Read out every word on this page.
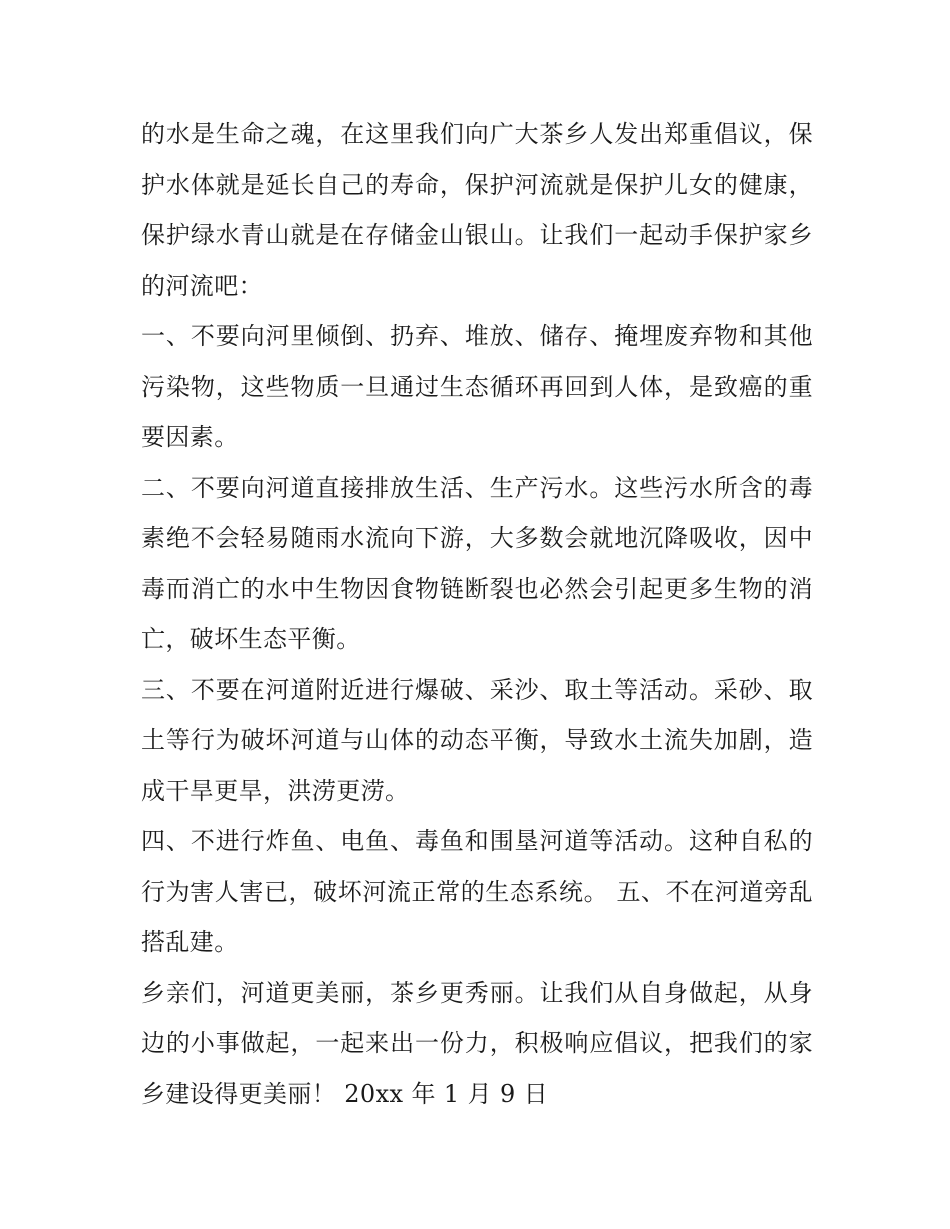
的水是生命之魂，在这里我们向广大茶乡人发出郑重倡议，保护水体就是延长自己的寿命，保护河流就是保护儿女的健康，保护绿水青山就是在存储金山银山。让我们一起动手保护家乡的河流吧：

一、不要向河里倾倒、扔弃、堆放、储存、掩埋废弃物和其他污染物，这些物质一旦通过生态循环再回到人体，是致癌的重要因素。

二、不要向河道直接排放生活、生产污水。这些污水所含的毒素绝不会轻易随雨水流向下游，大多数会就地沉降吸收，因中毒而消亡的水中生物因食物链断裂也必然会引起更多生物的消亡，破坏生态平衡。

三、不要在河道附近进行爆破、采沙、取土等活动。采砂、取土等行为破坏河道与山体的动态平衡，导致水土流失加剧，造成干旱更旱，洪涝更涝。

四、不进行炸鱼、电鱼、毒鱼和围垦河道等活动。这种自私的行为害人害已，破坏河流正常的生态系统。 五、不在河道旁乱搭乱建。

乡亲们，河道更美丽，茶乡更秀丽。让我们从自身做起，从身边的小事做起，一起来出一份力，积极响应倡议，把我们的家乡建设得更美丽！ 20xx 年 1 月 9 日
